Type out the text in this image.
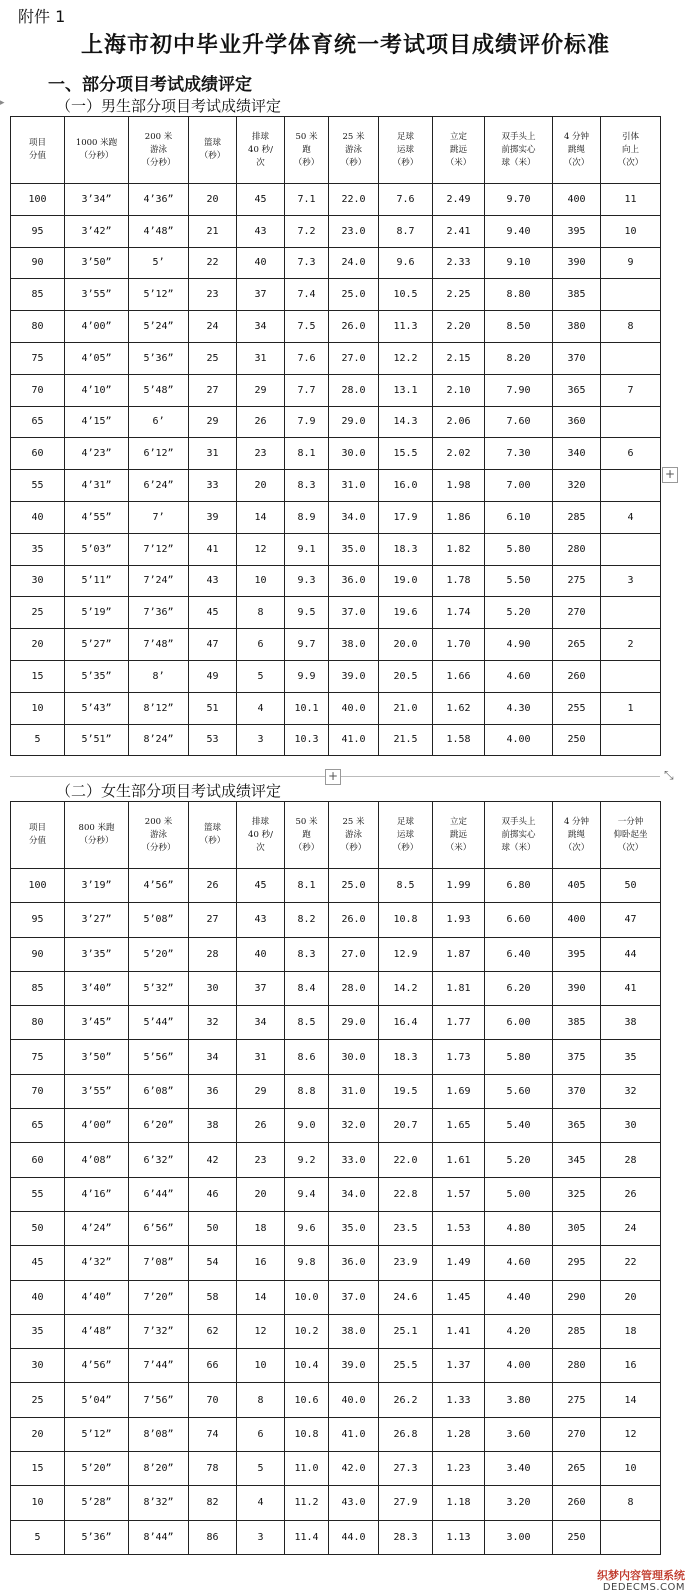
附件 1
上海市初中毕业升学体育统一考试项目成绩评价标准
一、部分项目考试成绩评定
▸	（一）男生部分项目考试成绩评定
项目
分值	1000 米跑
（分秒）	200 米
游泳
（分秒）	篮球
（秒）	排球
40 秒/
次	50 米
跑
（秒）	25 米
游泳
（秒）	足球
运球
（秒）	立定
跳远
（米）	双手头上
前掷实心
球（米）	4 分钟
跳绳
（次）	引体
向上
（次）

100	3’34”	4’36”	20	45	7.1	22.0	7.6	2.49	9.70	400	11
95	3’42”	4’48”	21	43	7.2	23.0	8.7	2.41	9.40	395	10
90	3’50”	5’	22	40	7.3	24.0	9.6	2.33	9.10	390	9
85	3’55”	5’12”	23	37	7.4	25.0	10.5	2.25	8.80	385	
80	4’00”	5’24”	24	34	7.5	26.0	11.3	2.20	8.50	380	8
75	4’05”	5’36”	25	31	7.6	27.0	12.2	2.15	8.20	370	
70	4’10”	5’48”	27	29	7.7	28.0	13.1	2.10	7.90	365	7
65	4’15”	6’	29	26	7.9	29.0	14.3	2.06	7.60	360	
60	4’23”	6’12”	31	23	8.1	30.0	15.5	2.02	7.30	340	6
55	4’31”	6’24”	33	20	8.3	31.0	16.0	1.98	7.00	320	
40	4’55”	7’	39	14	8.9	34.0	17.9	1.86	6.10	285	4
35	5’03”	7’12”	41	12	9.1	35.0	18.3	1.82	5.80	280	
30	5’11”	7’24”	43	10	9.3	36.0	19.0	1.78	5.50	275	3
25	5’19”	7’36”	45	8	9.5	37.0	19.6	1.74	5.20	270	
20	5’27”	7’48”	47	6	9.7	38.0	20.0	1.70	4.90	265	2
15	5’35”	8’	49	5	9.9	39.0	20.5	1.66	4.60	260	
10	5’43”	8’12”	51	4	10.1	40.0	21.0	1.62	4.30	255	1
5	5’51”	8’24”	53	3	10.3	41.0	21.5	1.58	4.00	250	
+
+	⤡
（二）女生部分项目考试成绩评定
项目
分值	800 米跑
（分秒）	200 米
游泳
（分秒）	篮球
（秒）	排球
40 秒/
次	50 米
跑
（秒）	25 米
游泳
（秒）	足球
运球
（秒）	立定
跳远
（米）	双手头上
前掷实心
球（米）	4 分钟
跳绳
（次）	一分钟
仰卧起坐
（次）

100	3’19”	4’56”	26	45	8.1	25.0	8.5	1.99	6.80	405	50
95	3’27”	5’08”	27	43	8.2	26.0	10.8	1.93	6.60	400	47
90	3’35”	5’20”	28	40	8.3	27.0	12.9	1.87	6.40	395	44
85	3’40”	5’32”	30	37	8.4	28.0	14.2	1.81	6.20	390	41
80	3’45”	5’44”	32	34	8.5	29.0	16.4	1.77	6.00	385	38
75	3’50”	5’56”	34	31	8.6	30.0	18.3	1.73	5.80	375	35
70	3’55”	6’08”	36	29	8.8	31.0	19.5	1.69	5.60	370	32
65	4’00”	6’20”	38	26	9.0	32.0	20.7	1.65	5.40	365	30
60	4’08”	6’32”	42	23	9.2	33.0	22.0	1.61	5.20	345	28
55	4’16”	6’44”	46	20	9.4	34.0	22.8	1.57	5.00	325	26
50	4’24”	6’56”	50	18	9.6	35.0	23.5	1.53	4.80	305	24
45	4’32”	7’08”	54	16	9.8	36.0	23.9	1.49	4.60	295	22
40	4’40”	7’20”	58	14	10.0	37.0	24.6	1.45	4.40	290	20
35	4’48”	7’32”	62	12	10.2	38.0	25.1	1.41	4.20	285	18
30	4’56”	7’44”	66	10	10.4	39.0	25.5	1.37	4.00	280	16
25	5’04”	7’56”	70	8	10.6	40.0	26.2	1.33	3.80	275	14
20	5’12”	8’08”	74	6	10.8	41.0	26.8	1.28	3.60	270	12
15	5’20”	8’20”	78	5	11.0	42.0	27.3	1.23	3.40	265	10
10	5’28”	8’32”	82	4	11.2	43.0	27.9	1.18	3.20	260	8
5	5’36”	8’44”	86	3	11.4	44.0	28.3	1.13	3.00	250	
织梦内容管理系统
DEDECMS.COM
